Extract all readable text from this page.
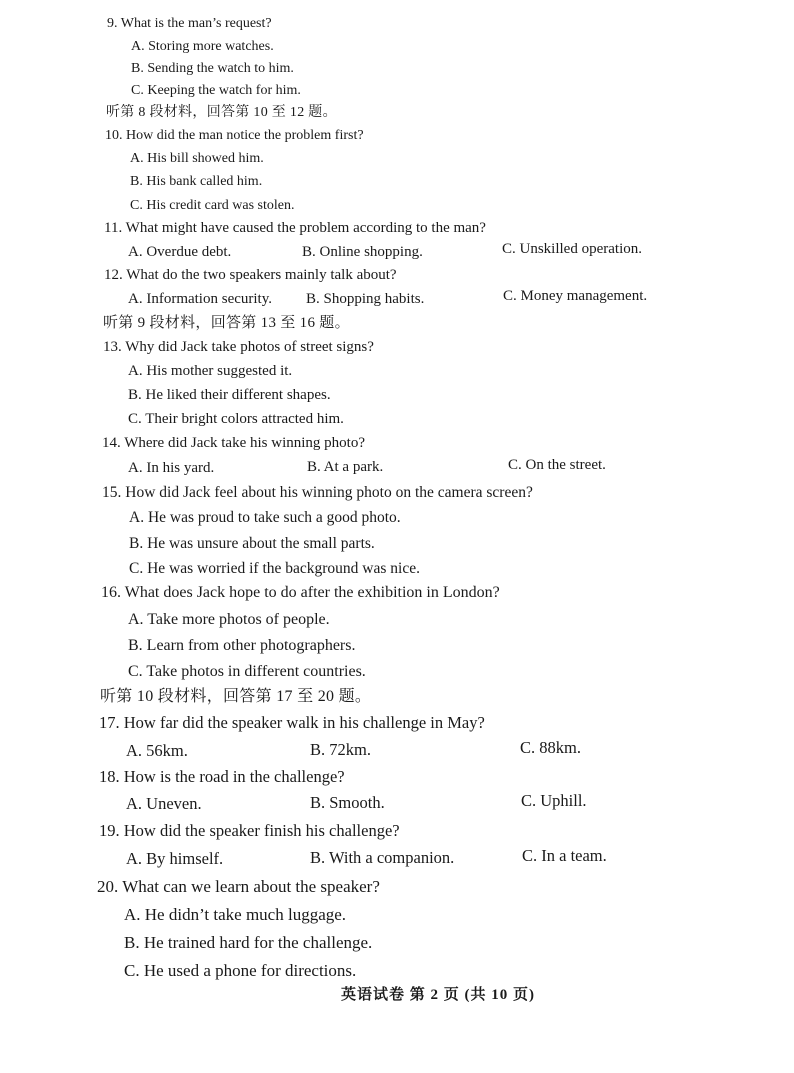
9. What is the man’s request?
A. Storing more watches.
B. Sending the watch to him.
C. Keeping the watch for him.
听第 8 段材料，回答第 10 至 12 题。
10. How did the man notice the problem first?
A. His bill showed him.
B. His bank called him.
C. His credit card was stolen.
11. What might have caused the problem according to the man?
A. Overdue debt.	B. Online shopping.	C. Unskilled operation.
12. What do the two speakers mainly talk about?
A. Information security. B. Shopping habits.	C. Money management.
听第 9 段材料，回答第 13 至 16 题。
13. Why did Jack take photos of street signs?
A. His mother suggested it.
B. He liked their different shapes.
C. Their bright colors attracted him.
14. Where did Jack take his winning photo?
A. In his yard.	B. At a park.	C. On the street.
15. How did Jack feel about his winning photo on the camera screen?
A. He was proud to take such a good photo.
B. He was unsure about the small parts.
C. He was worried if the background was nice.
16. What does Jack hope to do after the exhibition in London?
A. Take more photos of people.
B. Learn from other photographers.
C. Take photos in different countries.
听第 10 段材料，回答第 17 至 20 题。
17. How far did the speaker walk in his challenge in May?
A. 56km.	B. 72km.	C. 88km.
18. How is the road in the challenge?
A. Uneven.	B. Smooth.	C. Uphill.
19. How did the speaker finish his challenge?
A. By himself.	B. With a companion.	C. In a team.
20. What can we learn about the speaker?
A. He didn’t take much luggage.
B. He trained hard for the challenge.
C. He used a phone for directions.
英语试卷 第 2 页 (共 10 页)
